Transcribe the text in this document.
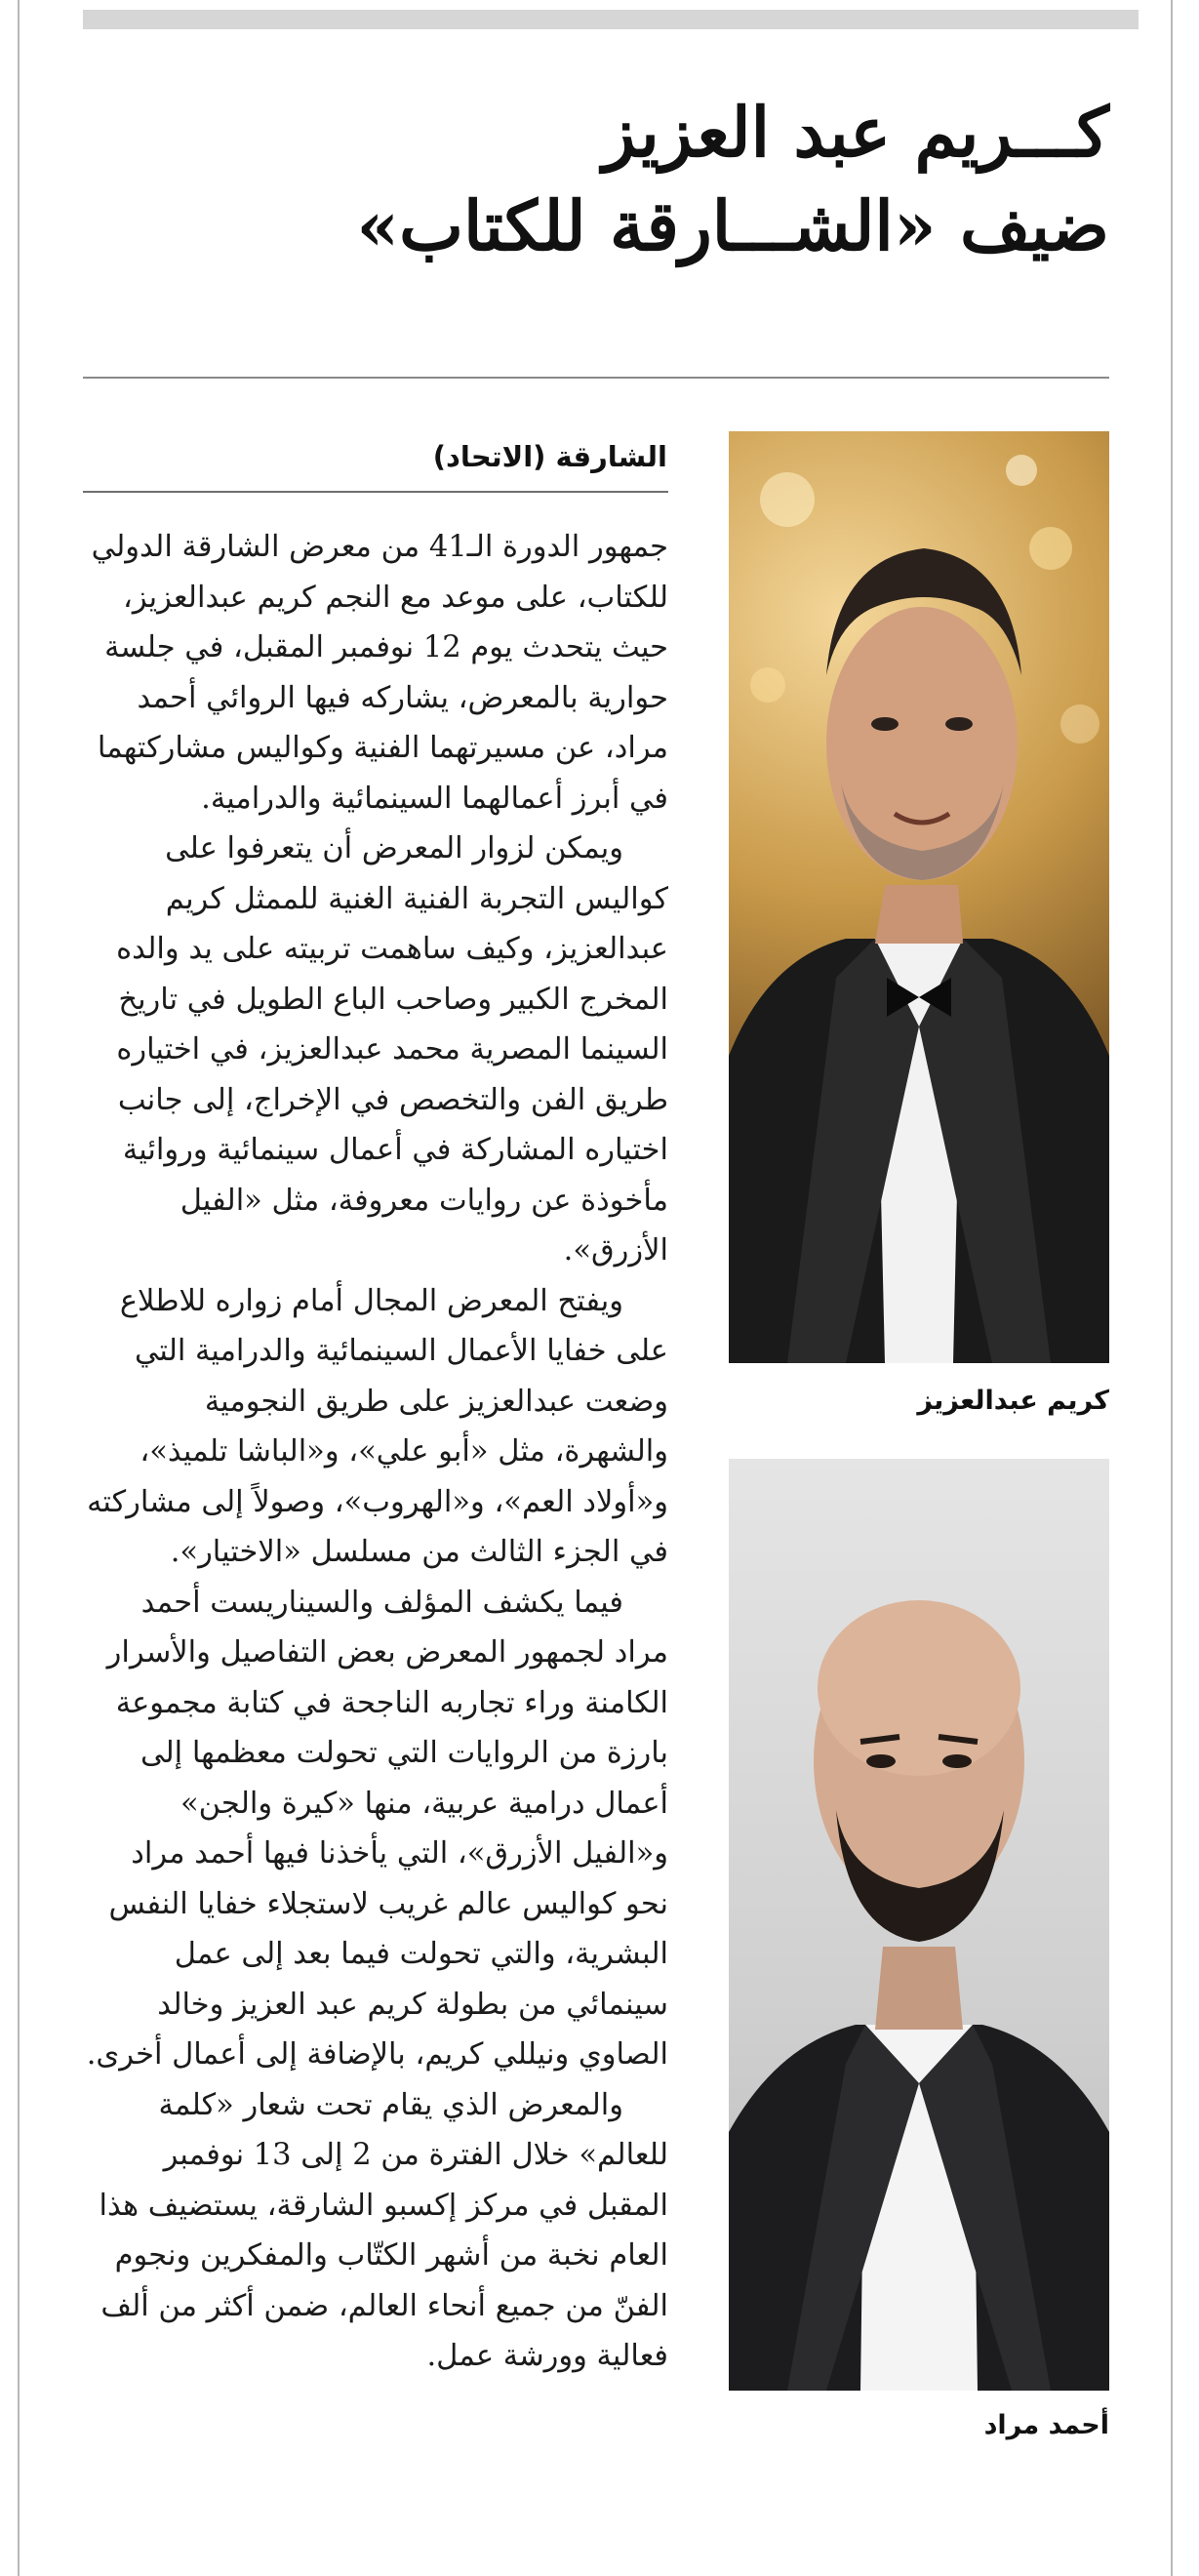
كـــريم عبد العزيز
ضيف «الشـــارقة للكتاب»
الشارقة (الاتحاد)

جمهور الدورة الـ41 من معرض الشارقة الدولي للكتاب، على موعد مع النجم كريم عبدالعزيز، حيث يتحدث يوم 12 نوفمبر المقبل، في جلسة حوارية بالمعرض، يشاركه فيها الروائي أحمد مراد، عن مسيرتهما الفنية وكواليس مشاركتهما في أبرز أعمالهما السينمائية والدرامية.

ويمكن لزوار المعرض أن يتعرفوا على كواليس التجربة الفنية الغنية للممثل كريم عبدالعزيز، وكيف ساهمت تربيته على يد والده المخرج الكبير وصاحب الباع الطويل في تاريخ السينما المصرية محمد عبدالعزيز، في اختياره طريق الفن والتخصص في الإخراج، إلى جانب اختياره المشاركة في أعمال سينمائية وروائية مأخوذة عن روايات معروفة، مثل «الفيل الأزرق».

ويفتح المعرض المجال أمام زواره للاطلاع على خفايا الأعمال السينمائية والدرامية التي وضعت عبدالعزيز على طريق النجومية والشهرة، مثل «أبو علي»، و«الباشا تلميذ»، و«أولاد العم»، و«الهروب»، وصولاً إلى مشاركته في الجزء الثالث من مسلسل «الاختيار».

فيما يكشف المؤلف والسيناريست أحمد مراد لجمهور المعرض بعض التفاصيل والأسرار الكامنة وراء تجاربه الناجحة في كتابة مجموعة بارزة من الروايات التي تحولت معظمها إلى أعمال درامية عربية، منها «كيرة والجن» و«الفيل الأزرق»، التي يأخذنا فيها أحمد مراد نحو كواليس عالم غريب لاستجلاء خفايا النفس البشرية، والتي تحولت فيما بعد إلى عمل سينمائي من بطولة كريم عبد العزيز وخالد الصاوي ونيللي كريم، بالإضافة إلى أعمال أخرى.

والمعرض الذي يقام تحت شعار «كلمة للعالم» خلال الفترة من 2 إلى 13 نوفمبر المقبل في مركز إكسبو الشارقة، يستضيف هذا العام نخبة من أشهر الكتّاب والمفكرين ونجوم الفنّ من جميع أنحاء العالم، ضمن أكثر من ألف فعالية وورشة عمل.

كريم عبدالعزيز
أحمد مراد
